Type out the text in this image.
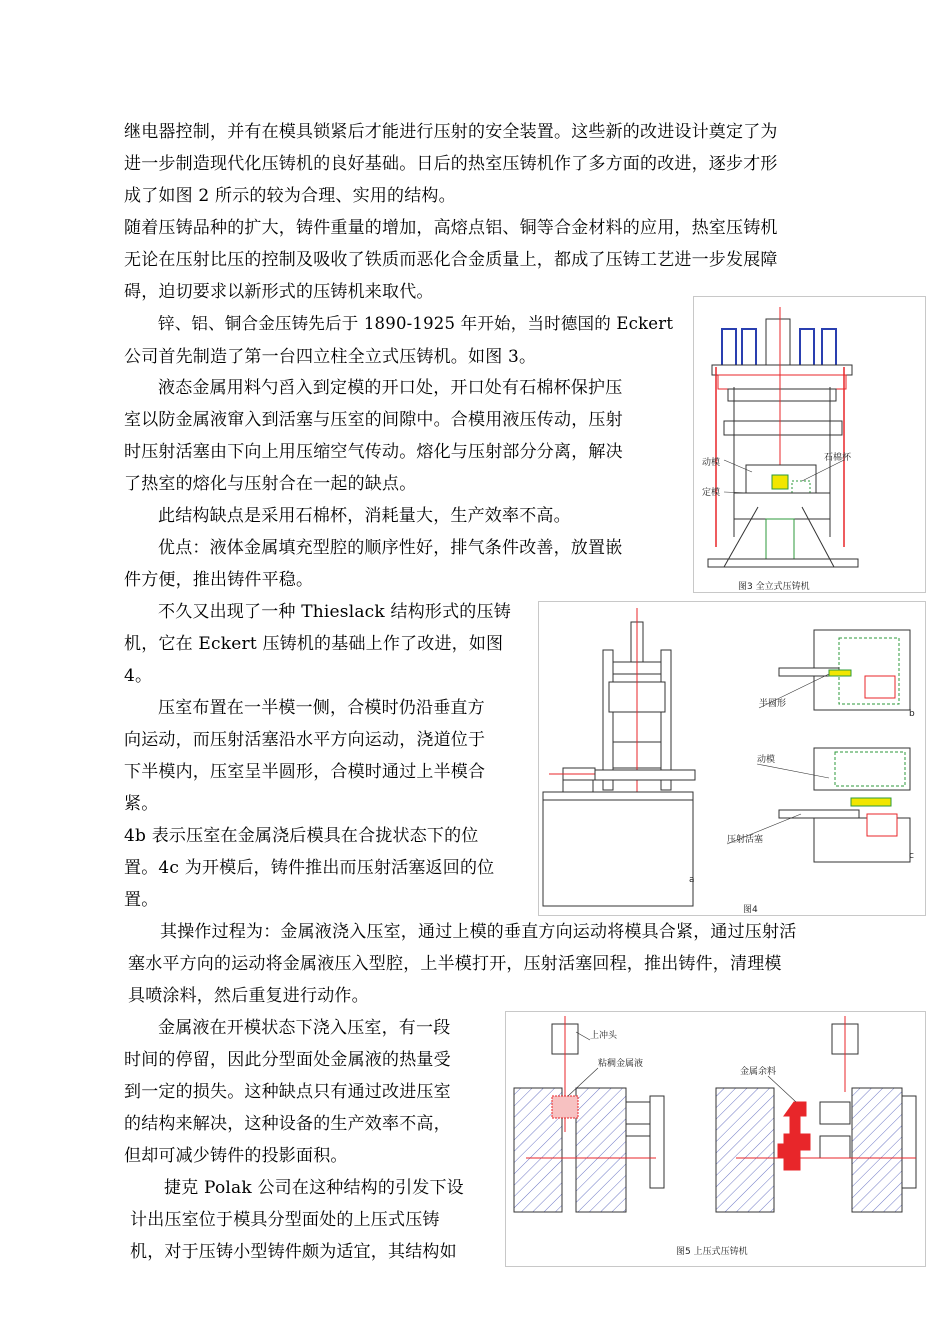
继电器控制，并有在模具锁紧后才能进行压射的安全装置。这些新的改进设计奠定了为
进一步制造现代化压铸机的良好基础。日后的热室压铸机作了多方面的改进，逐步才形
成了如图 2 所示的较为合理、实用的结构。
随着压铸品种的扩大，铸件重量的增加，高熔点铝、铜等合金材料的应用，热室压铸机
无论在压射比压的控制及吸收了铁质而恶化合金质量上，都成了压铸工艺进一步发展障
碍，迫切要求以新形式的压铸机来取代。
锌、铝、铜合金压铸先后于 1890-1925 年开始，当时德国的 Eckert
公司首先制造了第一台四立柱全立式压铸机。如图 3。
液态金属用料勺舀入到定模的开口处，开口处有石棉杯保护压
室以防金属液窜入到活塞与压室的间隙中。合模用液压传动，压射
时压射活塞由下向上用压缩空气传动。熔化与压射部分分离，解决
了热室的熔化与压射合在一起的缺点。
此结构缺点是采用石棉杯，消耗量大，生产效率不高。
优点：液体金属填充型腔的顺序性好，排气条件改善，放置嵌
件方便，推出铸件平稳。
不久又出现了一种 Thieslack 结构形式的压铸
机，它在 Eckert 压铸机的基础上作了改进，如图
4。
压室布置在一半模一侧，合模时仍沿垂直方
向运动，而压射活塞沿水平方向运动，浇道位于
下半模内，压室呈半圆形，合模时通过上半模合
紧。
4b 表示压室在金属浇后模具在合拢状态下的位
置。4c 为开模后，铸件推出而压射活塞返回的位
置。
其操作过程为：金属液浇入压室，通过上模的垂直方向运动将模具合紧，通过压射活
塞水平方向的运动将金属液压入型腔，上半模打开，压射活塞回程，推出铸件，清理模
具喷涂料，然后重复进行动作。
金属液在开模状态下浇入压室，有一段
时间的停留，因此分型面处金属液的热量受
到一定的损失。这种缺点只有通过改进压室
的结构来解决，这种设备的生产效率不高，
但却可减少铸件的投影面积。
捷克 Polak 公司在这种结构的引发下设
计出压室位于模具分型面处的上压式压铸
机，对于压铸小型铸件颇为适宜，其结构如
动模	石棉杯
定模
图3 全立式压铸机
a
半圆形
b
动模
压射活塞
c
图4
上冲头
粘稠金属液
金属余料
图5 上压式压铸机
